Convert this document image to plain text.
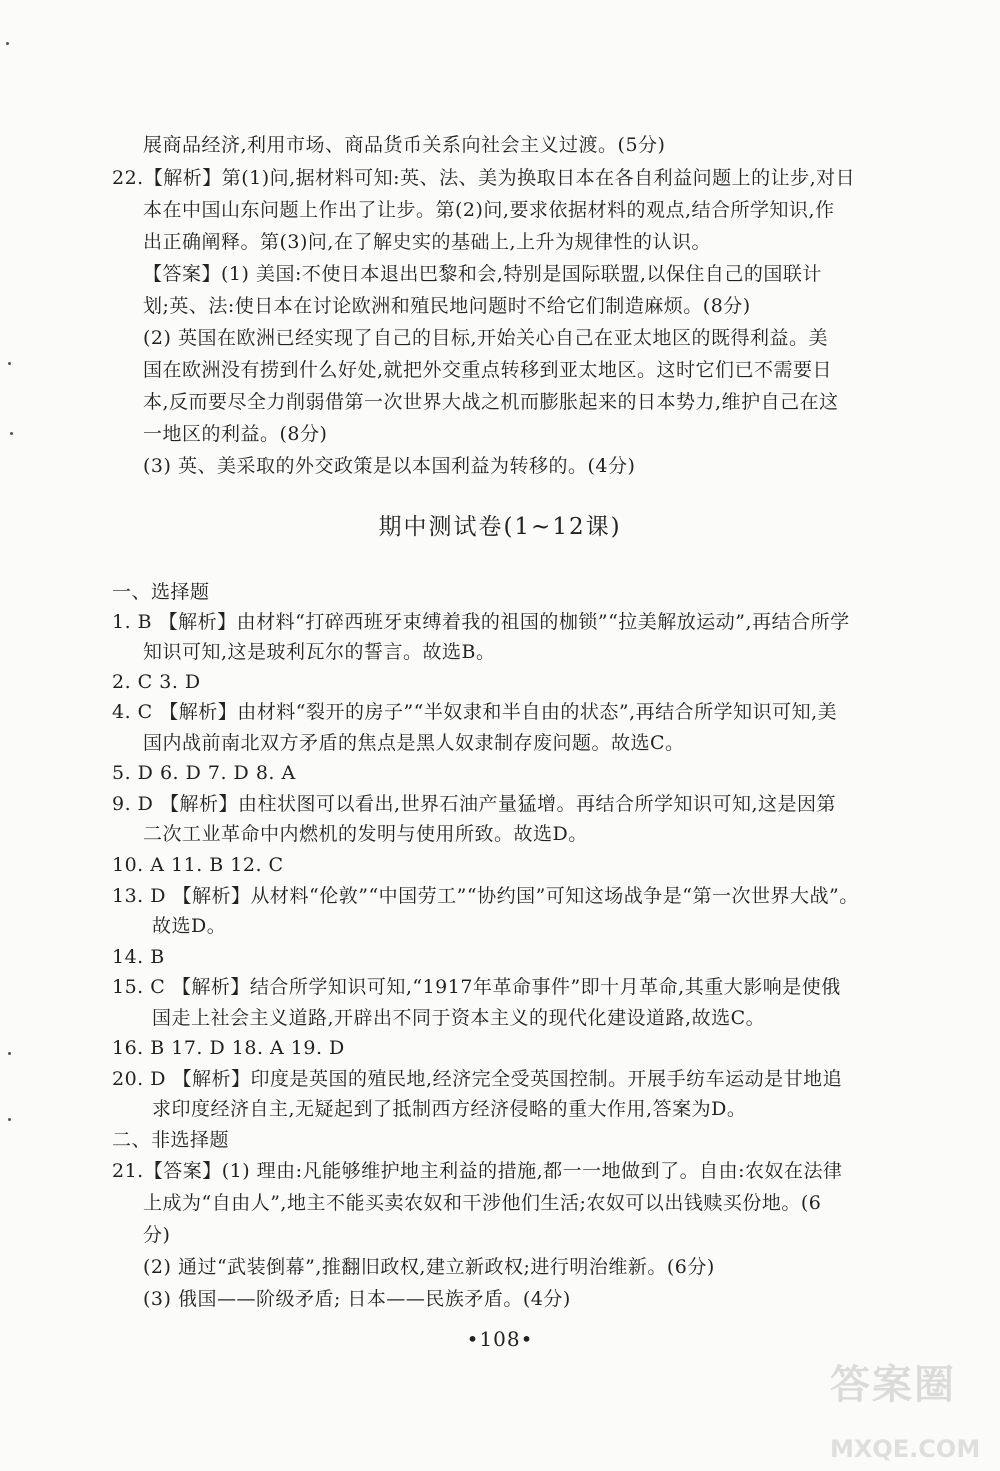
展商品经济,利用市场、商品货币关系向社会主义过渡。(5分)
22.【解析】第(1)问,据材料可知:英、法、美为换取日本在各自利益问题上的让步,对日
本在中国山东问题上作出了让步。第(2)问,要求依据材料的观点,结合所学知识,作
出正确阐释。第(3)问,在了解史实的基础上,上升为规律性的认识。
【答案】(1) 美国:不使日本退出巴黎和会,特别是国际联盟,以保住自己的国联计
划;英、法:使日本在讨论欧洲和殖民地问题时不给它们制造麻烦。(8分)
(2) 英国在欧洲已经实现了自己的目标,开始关心自己在亚太地区的既得利益。美
国在欧洲没有捞到什么好处,就把外交重点转移到亚太地区。这时它们已不需要日
本,反而要尽全力削弱借第一次世界大战之机而膨胀起来的日本势力,维护自己在这
一地区的利益。(8分)
(3) 英、美采取的外交政策是以本国利益为转移的。(4分)
期中测试卷(1~12课)
一、选择题
1. B 【解析】由材料“打碎西班牙束缚着我的祖国的枷锁”“拉美解放运动”,再结合所学
知识可知,这是玻利瓦尔的誓言。故选B。
2. C 3. D
4. C 【解析】由材料“裂开的房子”“半奴隶和半自由的状态”,再结合所学知识可知,美
国内战前南北双方矛盾的焦点是黑人奴隶制存废问题。故选C。
5. D 6. D 7. D 8. A
9. D 【解析】由柱状图可以看出,世界石油产量猛增。再结合所学知识可知,这是因第
二次工业革命中内燃机的发明与使用所致。故选D。
10. A 11. B 12. C
13. D 【解析】从材料“伦敦”“中国劳工”“协约国”可知这场战争是“第一次世界大战”。
故选D。
14. B
15. C 【解析】结合所学知识可知,“1917年革命事件”即十月革命,其重大影响是使俄
国走上社会主义道路,开辟出不同于资本主义的现代化建设道路,故选C。
16. B 17. D 18. A 19. D
20. D 【解析】印度是英国的殖民地,经济完全受英国控制。开展手纺车运动是甘地追
求印度经济自主,无疑起到了抵制西方经济侵略的重大作用,答案为D。
二、非选择题
21.【答案】(1) 理由:凡能够维护地主利益的措施,都一一地做到了。自由:农奴在法律
上成为“自由人”,地主不能买卖农奴和干涉他们生活;农奴可以出钱赎买份地。(6
分)
(2) 通过“武装倒幕”,推翻旧政权,建立新政权;进行明治维新。(6分)
(3) 俄国——阶级矛盾; 日本——民族矛盾。(4分)
•108•
答案圈
MXQE.COM
